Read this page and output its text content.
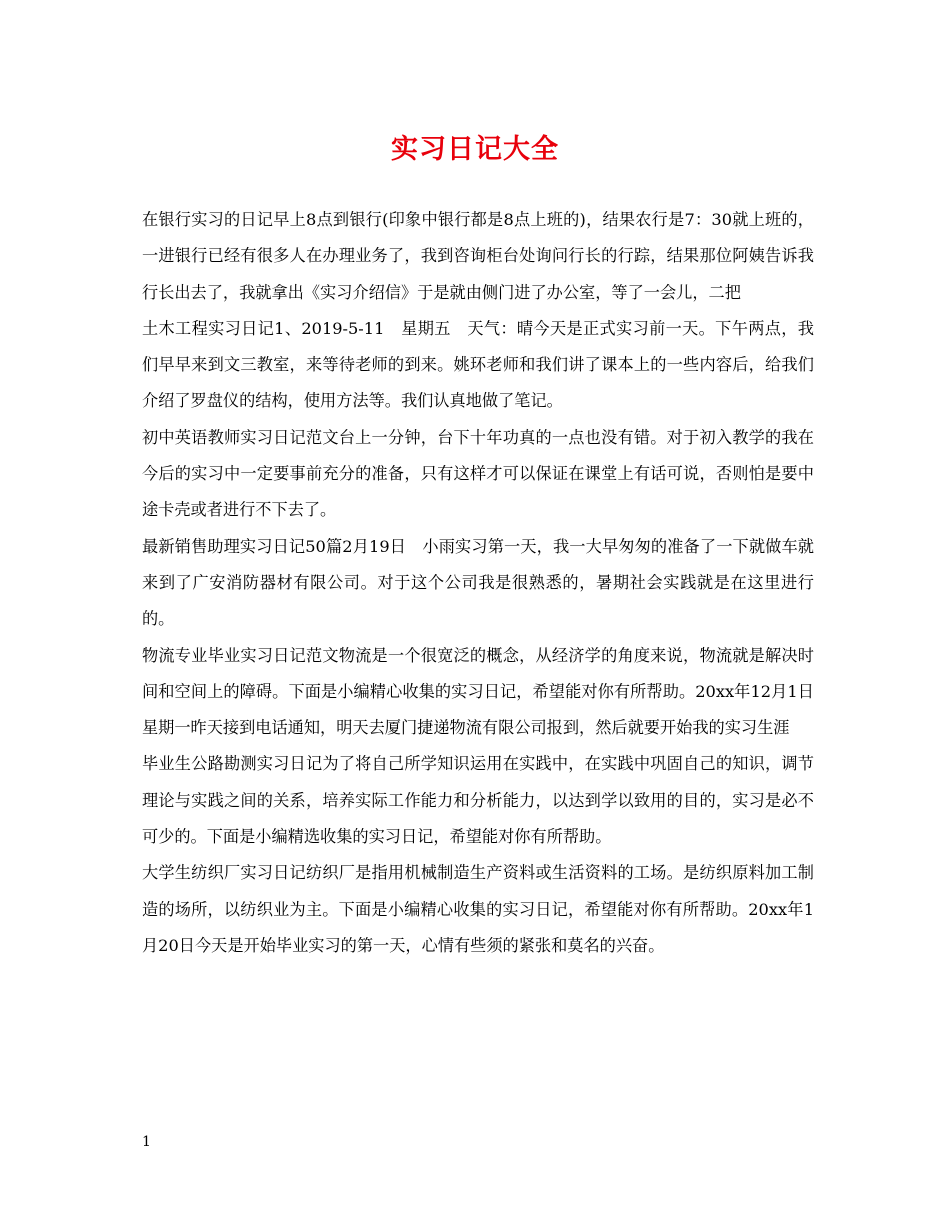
实习日记大全

在银行实习的日记早上8点到银行(印象中银行都是8点上班的)，结果农行是7：30就上班的，一进银行已经有很多人在办理业务了，我到咨询柜台处询问行长的行踪，结果那位阿姨告诉我行长出去了，我就拿出《实习介绍信》于是就由侧门进了办公室，等了一会儿，二把

土木工程实习日记1、2019-5-11　星期五　天气：晴今天是正式实习前一天。下午两点，我们早早来到文三教室，来等待老师的到来。姚环老师和我们讲了课本上的一些内容后，给我们介绍了罗盘仪的结构，使用方法等。我们认真地做了笔记。

初中英语教师实习日记范文台上一分钟，台下十年功真的一点也没有错。对于初入教学的我在今后的实习中一定要事前充分的准备，只有这样才可以保证在课堂上有话可说，否则怕是要中途卡壳或者进行不下去了。

最新销售助理实习日记50篇2月19日　小雨实习第一天，我一大早匆匆的准备了一下就做车就来到了广安消防器材有限公司。对于这个公司我是很熟悉的，暑期社会实践就是在这里进行的。

物流专业毕业实习日记范文物流是一个很宽泛的概念，从经济学的角度来说，物流就是解决时间和空间上的障碍。下面是小编精心收集的实习日记，希望能对你有所帮助。20xx年12月1日　星期一昨天接到电话通知，明天去厦门捷递物流有限公司报到，然后就要开始我的实习生涯

毕业生公路勘测实习日记为了将自己所学知识运用在实践中，在实践中巩固自己的知识，调节理论与实践之间的关系，培养实际工作能力和分析能力，以达到学以致用的目的，实习是必不可少的。下面是小编精选收集的实习日记，希望能对你有所帮助。

大学生纺织厂实习日记纺织厂是指用机械制造生产资料或生活资料的工场。是纺织原料加工制造的场所，以纺织业为主。下面是小编精心收集的实习日记，希望能对你有所帮助。20xx年1月20日今天是开始毕业实习的第一天，心情有些须的紧张和莫名的兴奋。

1
